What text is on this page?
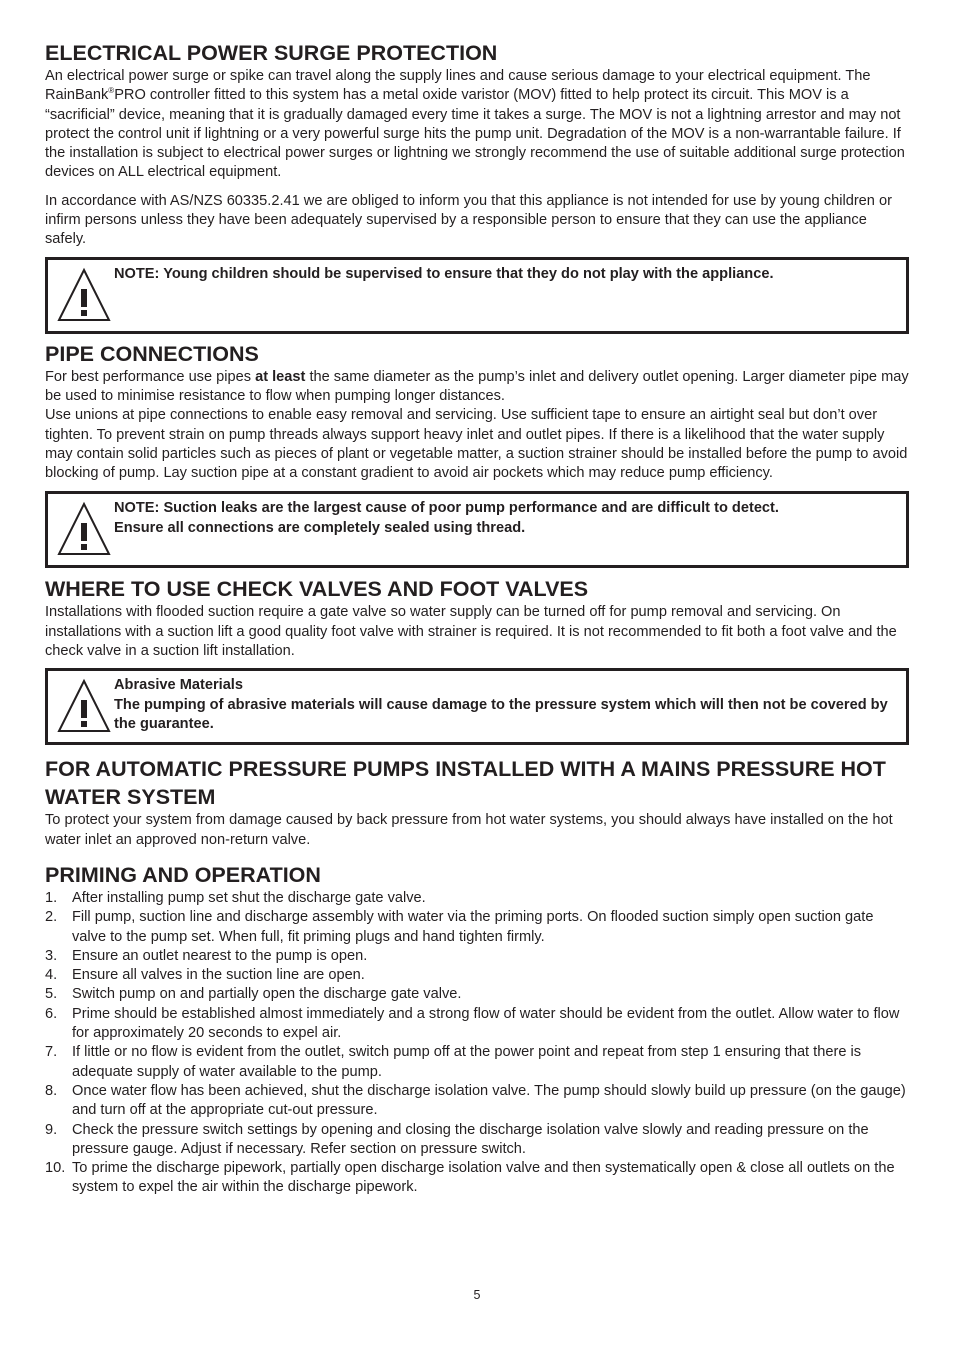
ELECTRICAL POWER SURGE PROTECTION

An electrical power surge or spike can travel along the supply lines and cause serious damage to your electrical equipment. The RainBank®PRO controller fitted to this system has a metal oxide varistor (MOV) fitted to help protect its circuit. This MOV is a “sacrificial” device, meaning that it is gradually damaged every time it takes a surge. The MOV is not a lightning arrestor and may not protect the control unit if lightning or a very powerful surge hits the pump unit. Degradation of the MOV is a non-warrantable failure. If the installation is subject to electrical power surges or lightning we strongly recommend the use of suitable additional surge protection devices on ALL electrical equipment.

In accordance with AS/NZS 60335.2.41 we are obliged to inform you that this appliance is not intended for use by young children or infirm persons unless they have been adequately supervised by a responsible person to ensure that they can use the appliance safely.

NOTE: Young children should be supervised to ensure that they do not play with the appliance.
PIPE CONNECTIONS

For best performance use pipes at least the same diameter as the pump’s inlet and delivery outlet opening. Larger diameter pipe may be used to minimise resistance to flow when pumping longer distances.

Use unions at pipe connections to enable easy removal and servicing. Use sufficient tape to ensure an airtight seal but don’t over tighten. To prevent strain on pump threads always support heavy inlet and outlet pipes. If there is a likelihood that the water supply may contain solid particles such as pieces of plant or vegetable matter, a suction strainer should be installed before the pump to avoid blocking of pump. Lay suction pipe at a constant gradient to avoid air pockets which may reduce pump efficiency.

NOTE: Suction leaks are the largest cause of poor pump performance and are difficult to detect.
Ensure all connections are completely sealed using thread.
WHERE TO USE CHECK VALVES AND FOOT VALVES

Installations with flooded suction require a gate valve so water supply can be turned off for pump removal and servicing. On installations with a suction lift a good quality foot valve with strainer is required. It is not recommended to fit both a foot valve and the check valve in a suction lift installation.

Abrasive Materials
The pumping of abrasive materials will cause damage to the pressure system which will then not be covered by the guarantee.
FOR AUTOMATIC PRESSURE PUMPS INSTALLED WITH A MAINS PRESSURE HOT WATER SYSTEM

To protect your system from damage caused by back pressure from hot water systems, you should always have installed on the hot water inlet an approved non-return valve.

PRIMING AND OPERATION
1. After installing pump set shut the discharge gate valve.
2. Fill pump, suction line and discharge assembly with water via the priming ports. On flooded suction simply open suction gate valve to the pump set. When full, fit priming plugs and hand tighten firmly.
3. Ensure an outlet nearest to the pump is open.
4. Ensure all valves in the suction line are open.
5. Switch pump on and partially open the discharge gate valve.
6. Prime should be established almost immediately and a strong flow of water should be evident from the outlet. Allow water to flow for approximately 20 seconds to expel air.
7. If little or no flow is evident from the outlet, switch pump off at the power point and repeat from step 1 ensuring that there is adequate supply of water available to the pump.
8. Once water flow has been achieved, shut the discharge isolation valve. The pump should slowly build up pressure (on the gauge) and turn off at the appropriate cut-out pressure.
9. Check the pressure switch settings by opening and closing the discharge isolation valve slowly and reading pressure on the pressure gauge. Adjust if necessary. Refer section on pressure switch.
10. To prime the discharge pipework, partially open discharge isolation valve and then systematically open & close all outlets on the system to expel the air within the discharge pipework.
5
